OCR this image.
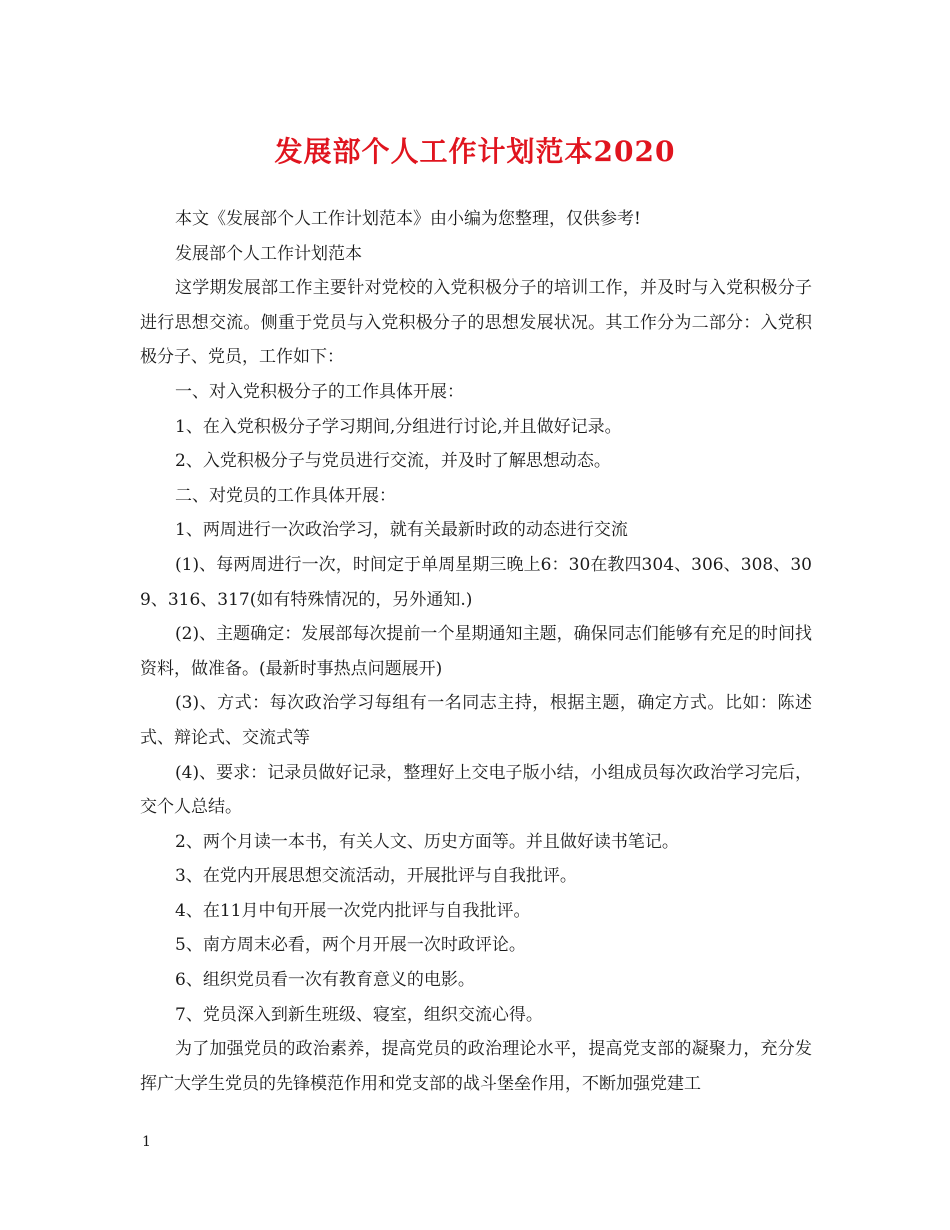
发展部个人工作计划范本2020

本文《发展部个人工作计划范本》由小编为您整理，仅供参考!

发展部个人工作计划范本

这学期发展部工作主要针对党校的入党积极分子的培训工作，并及时与入党积极分子进行思想交流。侧重于党员与入党积极分子的思想发展状况。其工作分为二部分：入党积极分子、党员，工作如下：

一、对入党积极分子的工作具体开展：

1、在入党积极分子学习期间,分组进行讨论,并且做好记录。

2、入党积极分子与党员进行交流，并及时了解思想动态。

二、对党员的工作具体开展：

1、两周进行一次政治学习，就有关最新时政的动态进行交流

(1)、每两周进行一次，时间定于单周星期三晚上6：30在教四304、306、308、309、316、317(如有特殊情况的，另外通知.)

(2)、主题确定：发展部每次提前一个星期通知主题，确保同志们能够有充足的时间找资料，做准备。(最新时事热点问题展开)

(3)、方式：每次政治学习每组有一名同志主持，根据主题，确定方式。比如：陈述式、辩论式、交流式等

(4)、要求：记录员做好记录，整理好上交电子版小结，小组成员每次政治学习完后，交个人总结。

2、两个月读一本书，有关人文、历史方面等。并且做好读书笔记。

3、在党内开展思想交流活动，开展批评与自我批评。

4、在11月中旬开展一次党内批评与自我批评。

5、南方周末必看，两个月开展一次时政评论。

6、组织党员看一次有教育意义的电影。

7、党员深入到新生班级、寝室，组织交流心得。

为了加强党员的政治素养，提高党员的政治理论水平，提高党支部的凝聚力，充分发挥广大学生党员的先锋模范作用和党支部的战斗堡垒作用，不断加强党建工

1
